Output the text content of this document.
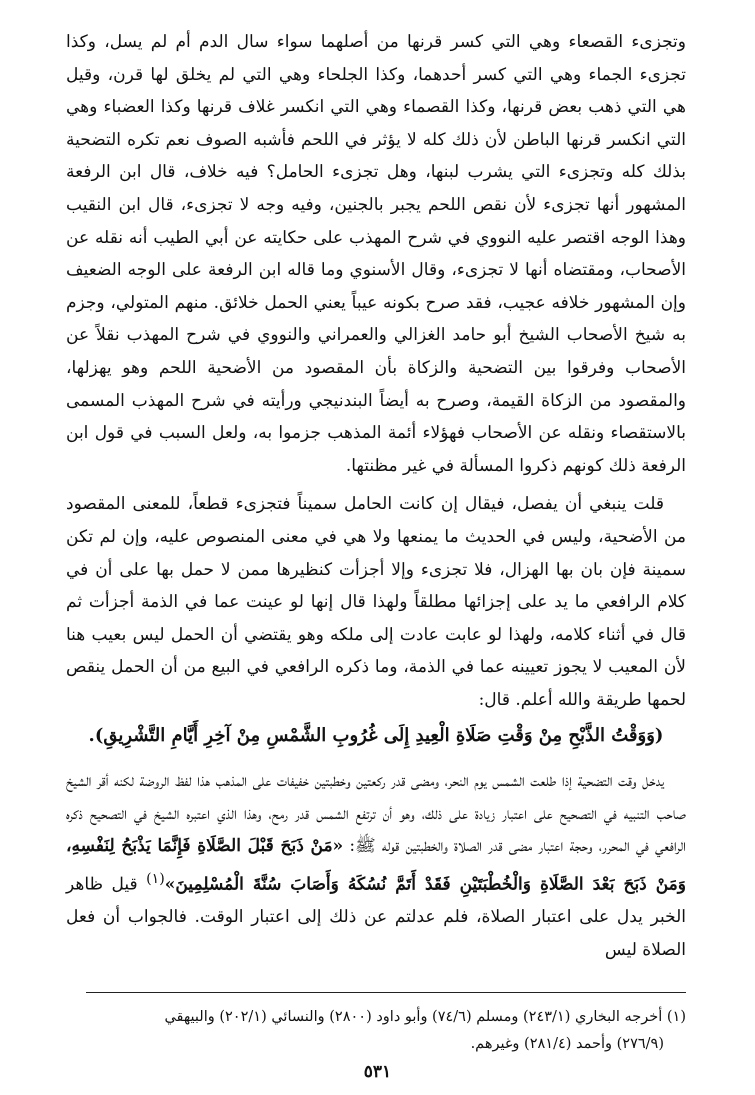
وتجزىء القصعاء وهي التي كسر قرنها من أصلهما سواء سال الدم أم لم يسل، وكذا تجزىء الجماء وهي التي كسر أحدهما، وكذا الجلحاء وهي التي لم يخلق لها قرن، وقيل هي التي ذهب بعض قرنها، وكذا القصماء وهي التي انكسر غلاف قرنها وكذا العضباء وهي التي انكسر قرنها الباطن لأن ذلك كله لا يؤثر في اللحم فأشبه الصوف نعم تكره التضحية بذلك كله وتجزىء التي يشرب لبنها، وهل تجزىء الحامل؟ فيه خلاف، قال ابن الرفعة المشهور أنها تجزىء لأن نقص اللحم يجبر بالجنين، وفيه وجه لا تجزىء، قال ابن النقيب وهذا الوجه اقتصر عليه النووي في شرح المهذب على حكايته عن أبي الطيب أنه نقله عن الأصحاب، ومقتضاه أنها لا تجزىء، وقال الأسنوي وما قاله ابن الرفعة على الوجه الضعيف وإن المشهور خلافه عجيب، فقد صرح بكونه عيباً يعني الحمل خلائق. منهم المتولي، وجزم به شيخ الأصحاب الشيخ أبو حامد الغزالي والعمراني والنووي في شرح المهذب نقلاً عن الأصحاب وفرقوا بين التضحية والزكاة بأن المقصود من الأضحية اللحم وهو يهزلها، والمقصود من الزكاة القيمة، وصرح به أيضاً البندنيجي ورأيته في شرح المهذب المسمى بالاستقصاء ونقله عن الأصحاب فهؤلاء أئمة المذهب جزموا به، ولعل السبب في قول ابن الرفعة ذلك كونهم ذكروا المسألة في غير مظنتها.

قلت ينبغي أن يفصل، فيقال إن كانت الحامل سميناً فتجزىء قطعاً، للمعنى المقصود من الأضحية، وليس في الحديث ما يمنعها ولا هي في معنى المنصوص عليه، وإن لم تكن سمينة فإن بان بها الهزال، فلا تجزىء وإلا أجزأت كنظيرها ممن لا حمل بها على أن في كلام الرافعي ما يد على إجزائها مطلقاً ولهذا قال إنها لو عينت عما في الذمة أجزأت ثم قال في أثناء كلامه، ولهذا لو عابت عادت إلى ملكه وهو يقتضي أن الحمل ليس بعيب هنا لأن المعيب لا يجوز تعيينه عما في الذمة، وما ذكره الرافعي في البيع من أن الحمل ينقص لحمها طريقة والله أعلم. قال:

(وَوَقْتُ الذَّبْحِ مِنْ وَقْتِ صَلَاةِ الْعِيدِ إِلَى غُرُوبِ الشَّمْسِ مِنْ آخِرِ أَيَّامِ التَّشْرِيقِ).

يدخل وقت التضحية إذا طلعت الشمس يوم النحر، ومضى قدر ركعتين وخطبتين خفيفات على المذهب هذا لفظ الروضة لكنه أقر الشيخ صاحب التنبيه في التصحيح على اعتبار زيادة على ذلك، وهو أن ترتفع الشمس قدر رمح، وهذا الذي اعتبره الشيخ في التصحيح ذكره الرافعي في المحرر، وحجة اعتبار مضى قدر الصلاة والخطبتين قوله ﷺ: «مَنْ ذَبَحَ قَبْلَ الصَّلَاةِ فَإِنَّمَا يَذْبَحُ لِنَفْسِهِ، وَمَنْ ذَبَحَ بَعْدَ الصَّلَاةِ وَالْخُطْبَتَيْنِ فَقَدْ أَتَمَّ نُسُكَهُ وَأَصَابَ سُنَّةَ الْمُسْلِمِينَ»$^{(١)}$ قيل ظاهر الخبر يدل على اعتبار الصلاة، فلم عدلتم عن ذلك إلى اعتبار الوقت. فالجواب أن فعل الصلاة ليس

(١) أخرجه البخاري (٢٤٣/١) ومسلم (٧٤/٦) وأبو داود (٢٨٠٠) والنسائي (٢٠٢/١) والبيهقي
(٢٧٦/٩) وأحمد (٢٨١/٤) وغيرهم.
٥٣١
